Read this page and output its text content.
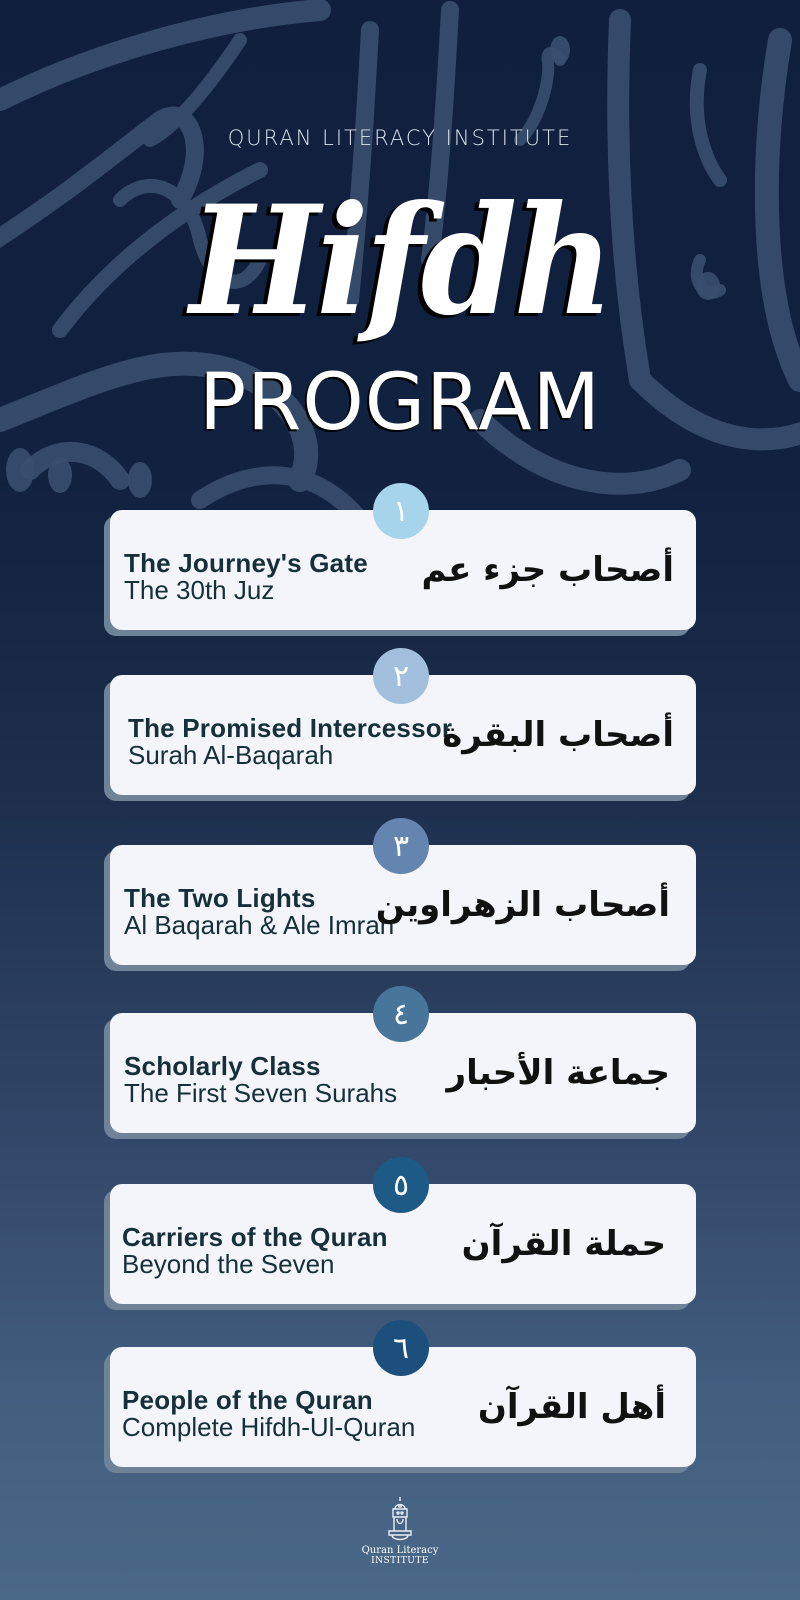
QURAN LITERACY INSTITUTE
Hifdh
PROGRAM
The Journey's Gate
The 30th Juz	أصحاب جزء عم
١
The Promised Intercessor
Surah Al-Baqarah	أصحاب البقرة
٢
The Two Lights
Al Baqarah & Ale Imran
أصحاب الزهراوين
٣
Scholarly Class
The First Seven Surahs جماعة الأحبار
٤
Carriers of the Quran
Beyond the Seven	حملة القرآن
٥
People of the Quran
Complete Hifdh-Ul-Quran أهل القرآن
٦
Quran Literacy
INSTITUTE
